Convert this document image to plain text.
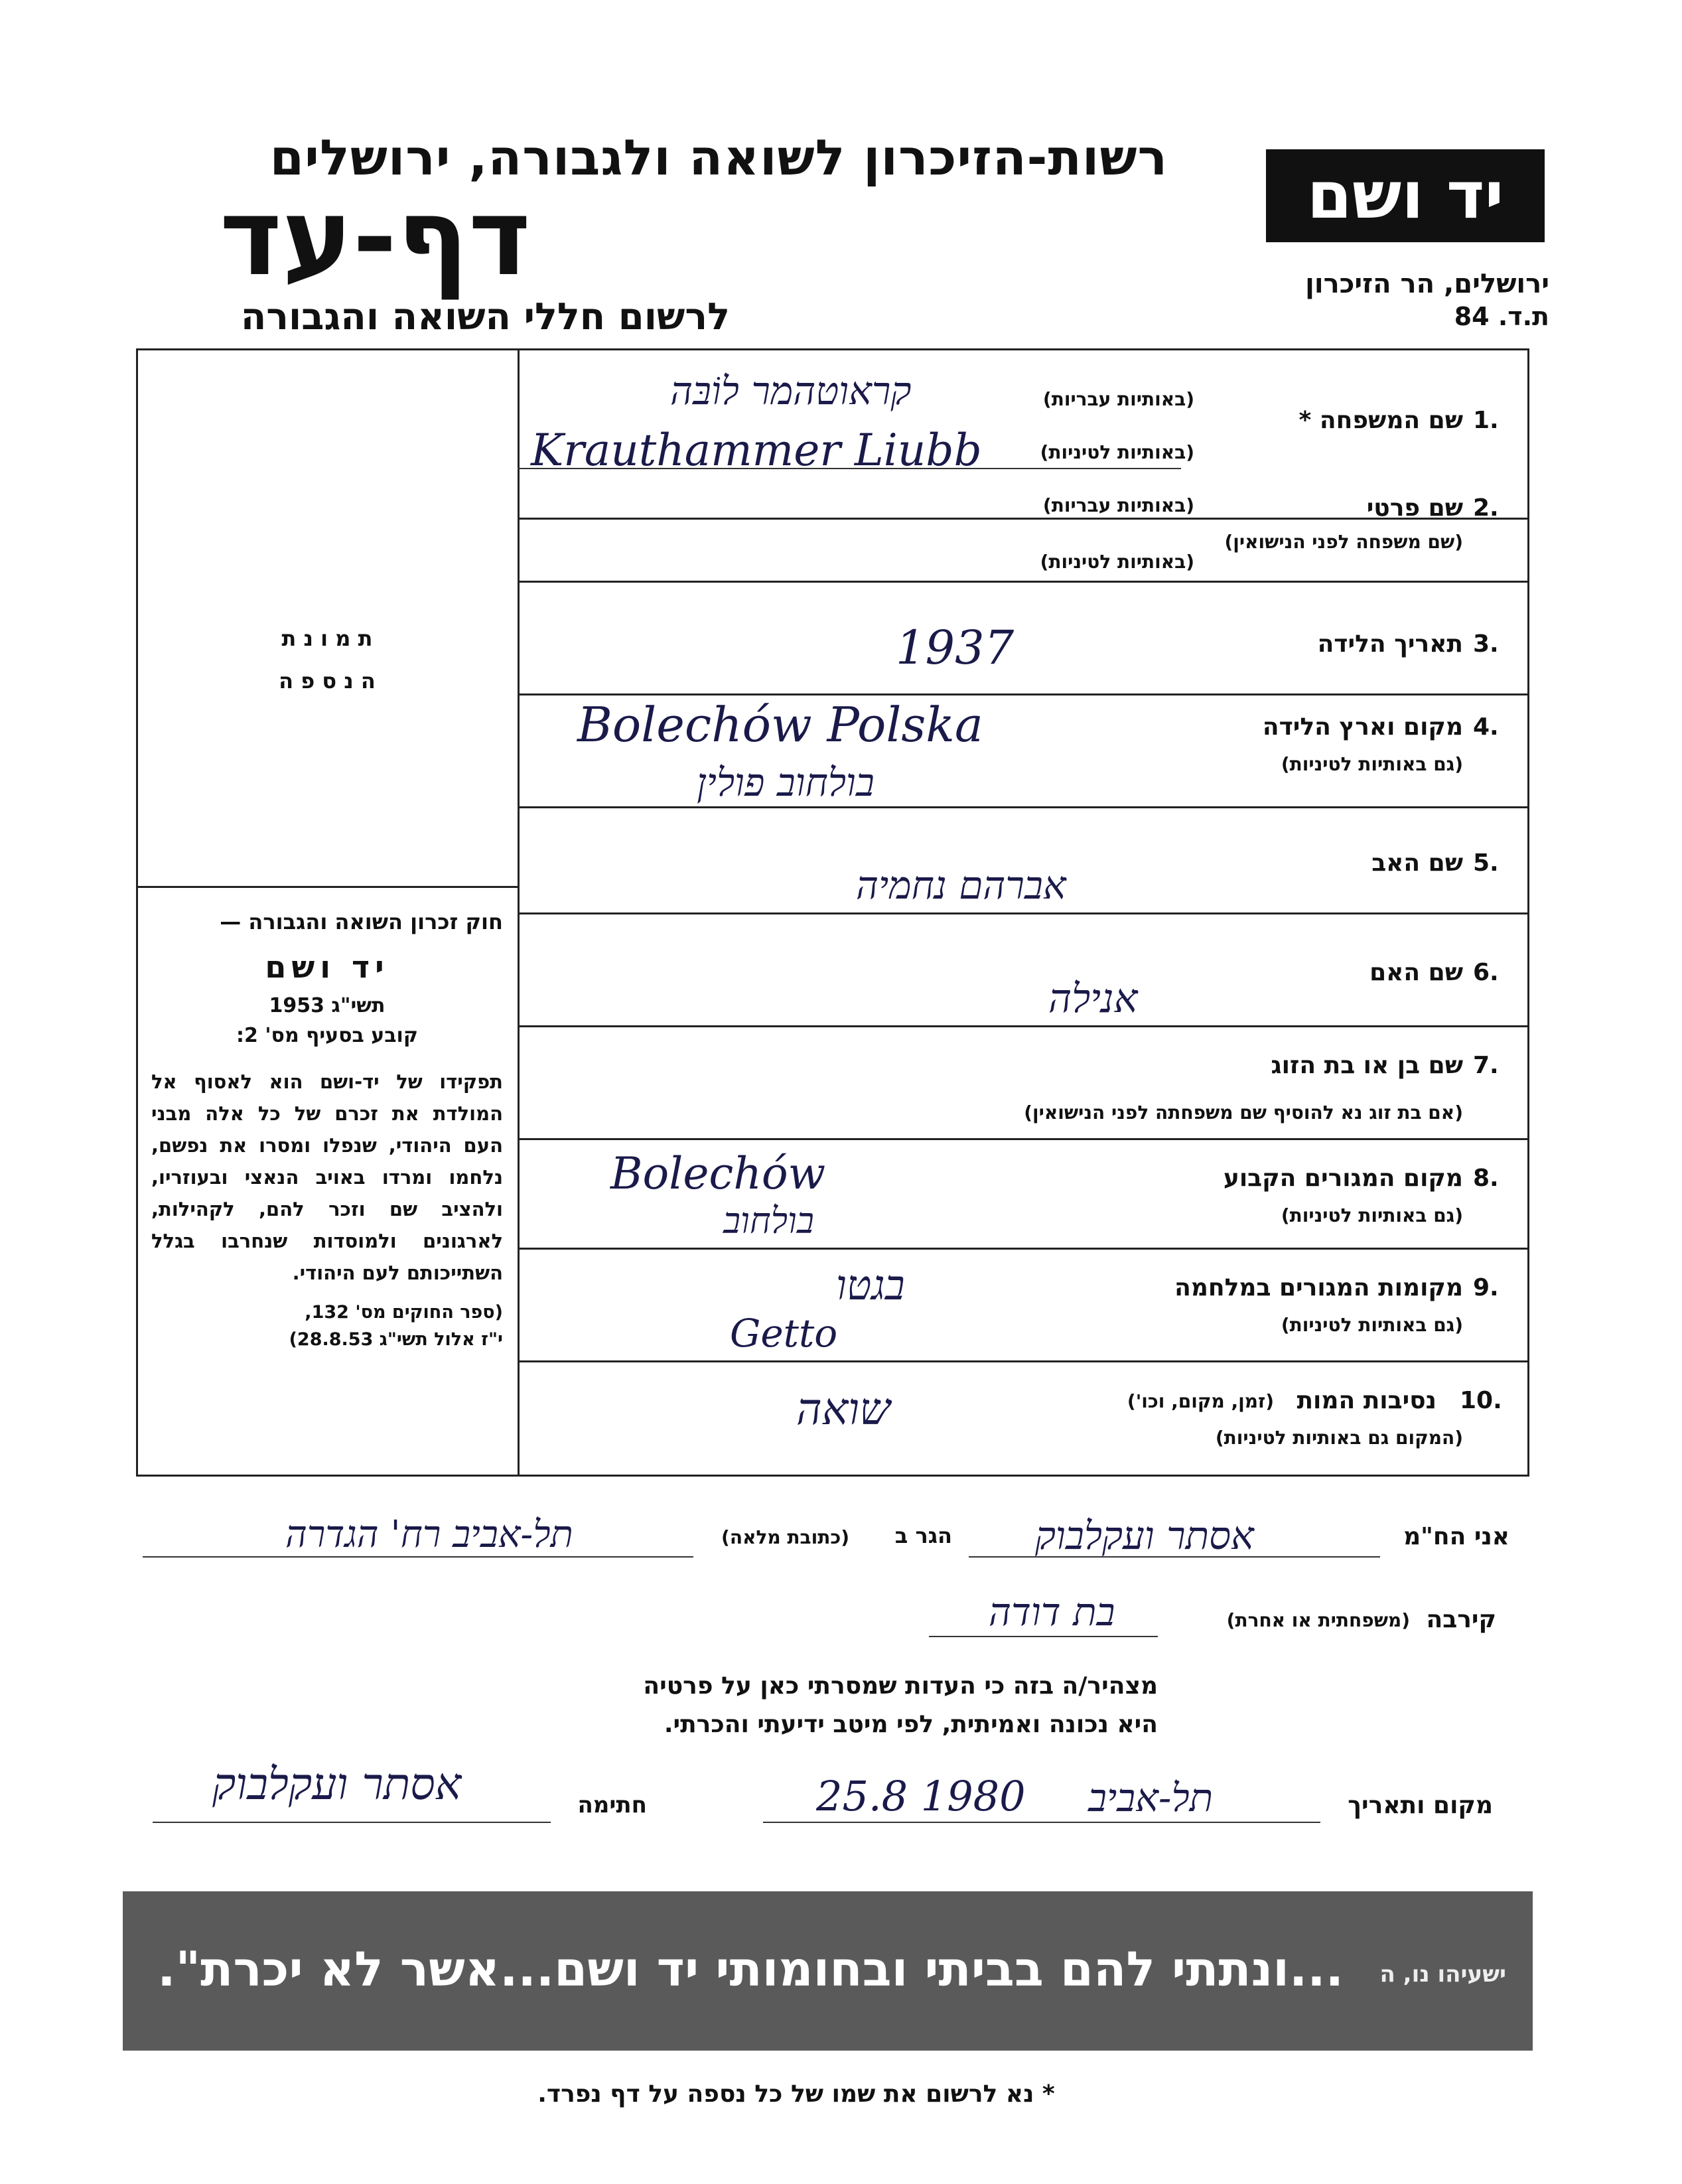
רשות-הזיכרון לשואה ולגבורה, ירושלים
דף-עד
לרשום חללי השואה והגבורה
יד ושם
ירושלים, הר הזיכרון
ת.ד. 84
ת מ ו נ ת
ה נ ס פ ה
חוק זכרון השואה והגבורה —
יד ושם
תשי"ג 1953
קובע בסעיף מס' 2:
תפקידו של יד-ושם הוא לאסוף אל המולדת את זכרם של כל אלה מבני העם היהודי, שנפלו ומסרו את נפשם, נלחמו ומרדו באויב הנאצי ובעוזריו, ולהציב שם וזכר להם, לקהילות, לארגונים ולמוסדות שנחרבו בגלל השתייכותם לעם היהודי.
(ספר החוקים מס' 132,
י"ז אלול תשי"ג 28.8.53)
1.
שם המשפחה *
(באותיות עבריות)
(באותיות לטיניות)
קראוטהמר לוֹבּה
Krauthammer Liubb
2.
שם פרטי
(שם משפחה לפני הנישואין)
(באותיות עבריות)
(באותיות לטיניות)
3.
תאריך הלידה
1937
4.
מקום וארץ הלידה
(גם באותיות לטיניות)
Bolechów Polska
בולחוב פולין
5.
שם האב
אברהם נחמיה
6.
שם האם
אנילה
7.
שם בן או בת הזוג
(אם בת זוג נא להוסיף שם משפחתה לפני הנישואין)
8.
מקום המגורים הקבוע
(גם באותיות לטיניות)
Bolechów
בולחוב
9.
מקומות המגורים במלחמה
(גם באותיות לטיניות)
בגטו
Getto
10.
נסיבות המות
(זמן, מקום, וכו')
(המקום גם באותיות לטיניות)
שואה
אני הח"מ
אסתר ועקלבוק
הגר ב
(כתובת מלאה)
תל-אביב רח' הגדרה
קירבה
(משפחתית או אחרת)
בת דודה
מצהיר/ה בזה כי העדות שמסרתי כאן על פרטיה
היא נכונה ואמיתית, לפי מיטב ידיעתי והכרתי.
מקום ותאריך
תל-אביב
25.8 1980
חתימה
אסתר ועקלבוק
...ונתתי להם בביתי ובחומותי יד ושם...אשר לא יכרת". ישעיהו נו, ה
* נא לרשום את שמו של כל נספה על דף נפרד.
